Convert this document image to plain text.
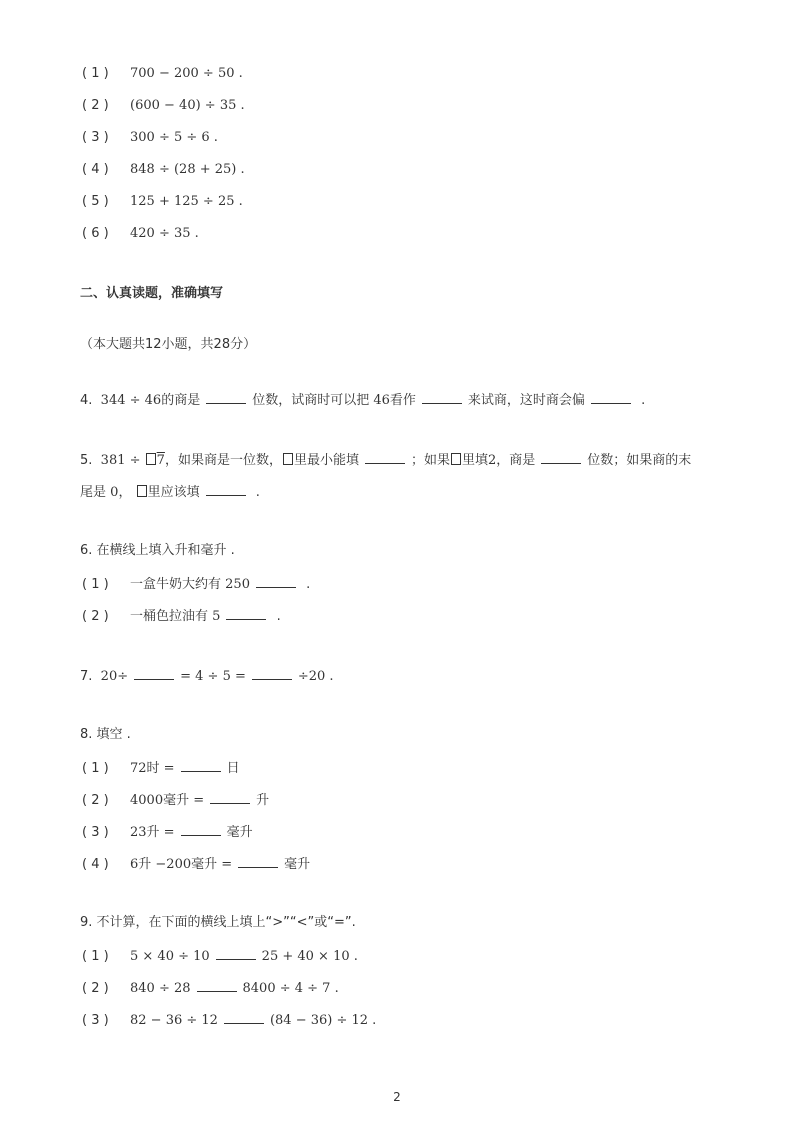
( 1 ) 700 − 200 ÷ 50 .
( 2 ) (600 − 40) ÷ 35 .
( 3 ) 300 ÷ 5 ÷ 6 .
( 4 ) 848 ÷ (28 + 25) .
( 5 ) 125 + 125 ÷ 25 .
( 6 ) 420 ÷ 35 .
二、认真读题，准确填写
（本大题共12小题，共28分）
4. 344 ÷ 46的商是	位数，试商时可以把 46看作	来试商，这时商会偏	.
5. 381 ÷ 7，如果商是一位数， 里最小能填	；如果 里填2，商是	位数；如果商的末
尾是 0， 里应该填	.
6. 在横线上填入升和毫升 .
( 1 ) 一盒牛奶大约有 250	.
( 2 ) 一桶色拉油有 5	.
7. 20÷	= 4 ÷ 5 =	÷20 .
8. 填空 .
( 1 ) 72时 =	日
( 2 ) 4000毫升 =	升
( 3 ) 23升 =	毫升
( 4 ) 6升 −200毫升 =	毫升
9. 不计算，在下面的横线上填上“>”“<”或“=”.
( 1 ) 5 × 40 ÷ 10	25 + 40 × 10 .
( 2 ) 840 ÷ 28	8400 ÷ 4 ÷ 7 .
( 3 ) 82 − 36 ÷ 12	(84 − 36) ÷ 12 .
2
